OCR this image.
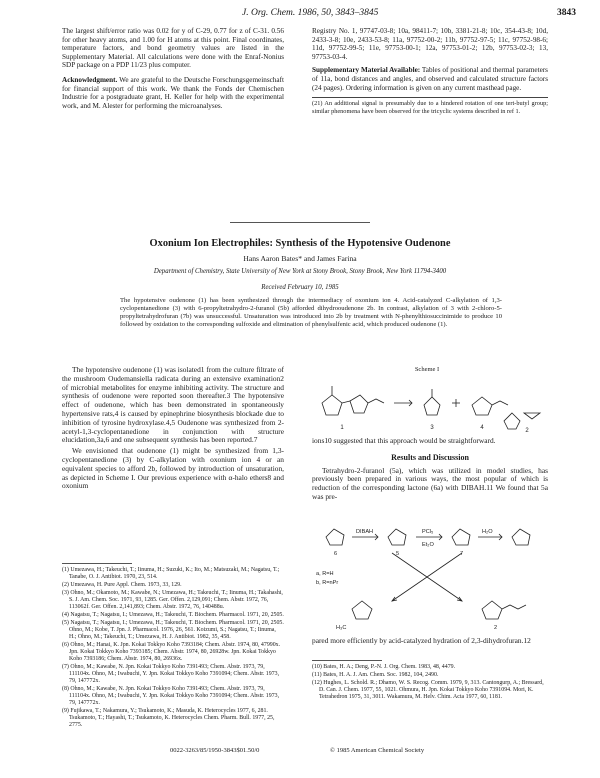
J. Org. Chem. 1986, 50, 3843–3845	3843

The largest shift/error ratio was 0.02 for y of C-29, 0.77 for z of C-31. 0.56 for other heavy atoms, and 1.00 for H atoms at this point. Final coordinates, temperature factors, and bond geometry values are listed in the Supplementary Material. All calculations were done with the Enraf-Nonius SDP package on a PDP 11/23 plus computer.

Acknowledgment. We are grateful to the Deutsche Forschungsgemeinschaft for financial support of this work. We thank the Fonds der Chemischen Industrie for a postgraduate grant, H. Keller for help with the experimental work, and M. Alester for performing the microanalyses.

Registry No. 1, 97747-03-8; 10a, 98411-7; 10b, 3381-21-8; 10c, 354-43-8; 10d, 2433-3-8; 10e, 2433-53-8; 11a, 97752-00-2; 11b, 97752-97-5; 11c, 97752-98-6; 11d, 97752-99-5; 11e, 97753-00-1; 12a, 97753-01-2; 12b, 97753-02-3; 13, 97753-03-4.

Supplementary Material Available: Tables of positional and thermal parameters of 11a, bond distances and angles, and observed and calculated structure factors (24 pages). Ordering information is given on any current masthead page.

(21) An additional signal is presumably due to a hindered rotation of one tert-butyl group; similar phenomena have been observed for the tricyclic systems described in ref 1.
Oxonium Ion Electrophiles: Synthesis of the Hypotensive Oudenone
Hans Aaron Bates* and James Farina
Department of Chemistry, State University of New York at Stony Brook, Stony Brook, New York 11794-3400
Received February 10, 1985
The hypotensive oudenone (1) has been synthesized through the intermediacy of oxonium ion 4. Acid-catalyzed C-alkylation of 1,3-cyclopentanedione (3) with 6-propyltetrahydro-2-furanol (5b) afforded dihydrooudenone 2b. In contrast, alkylation of 3 with 2-chloro-5-propyltetrahydrofuran (7b) was unsuccessful. Unsaturation was introduced into 2b by treatment with N-phenylthiosuccinimide to produce 10 followed by oxidation to the corresponding sulfoxide and elimination of phenylsulfenic acid, which produced oudenone (1).

The hypotensive oudenone (1) was isolated1 from the culture filtrate of the mushroom Oudemansiella radicata during an extensive examination2 of microbial metabolites for enzyme inhibiting activity. The structure and synthesis of oudenone were reported soon thereafter.3 The hypotensive effect of oudenone, which has been demonstrated in spontaneously hypertensive rats,4 is caused by epinephrine biosynthesis blockade due to inhibition of tyrosine hydroxylase.4,5 Oudenone was synthesized from 2-acetyl-1,3-cyclopentanedione in conjunction with structure elucidation,3a,6 and one subsequent synthesis has been reported.7

We envisioned that oudenone (1) might be synthesized from 1,3-cyclopentanedione (3) by C-alkylation with oxonium ion 4 or an equivalent species to afford 2b, followed by introduction of unsaturation, as depicted in Scheme I. Our previous experience with α-halo ethers8 and oxonium

(1) Umezawa, H.; Takeuchi, T.; Iinuma, H.; Suzuki, K.; Ito, M.; Matsuzaki, M.; Nagatsu, T.; Tanabe, O. J. Antibiot. 1970, 23, 514.

(2) Umezawa, H. Pure Appl. Chem. 1973, 33, 129.

(3) Ohno, M.; Okamoto, M.; Kawabe, N.; Umezawa, H.; Takeuchi, T.; Iinuma, H.; Takahashi, S. J. Am. Chem. Soc. 1971, 93, 1285. Ger. Offen. 2,129,091; Chem. Abstr. 1972, 76, 113062f. Ger. Offen. 2,141,893; Chem. Abstr. 1972, 76, 140488u.

(4) Nagatsu, T.; Nagatsu, I.; Umezawa, H.; Takeuchi, T. Biochem. Pharmacol. 1971, 20, 2505.

(5) Nagatsu, T.; Nagatsu, I.; Umezawa, H.; Takeuchi, T. Biochem. Pharmacol. 1971, 20, 2505. Ohno, M.; Kobe, T. Jpn. J. Pharmacol. 1976, 26, 561. Koizumi, S.; Nagatsu, T.; Iinuma, H.; Ohno, M.; Takeuchi, T.; Umezawa, H. J. Antibiot. 1982, 35, 458.

(6) Ohno, M.; Hanai, K. Jpn. Kokai Tokkyo Koho 7393184; Chem. Abstr. 1974, 80, 47990x. Jpn. Kokai Tokkyo Koho 7393185; Chem. Abstr. 1974, 80, 26928w. Jpn. Kokai Tokkyo Koho 7393186; Chem. Abstr. 1974, 80, 26936x.

(7) Ohno, M.; Kawabe, N. Jpn. Kokai Tokkyo Koho 7391493; Chem. Abstr. 1973, 79, 111104x. Ohno, M.; Iwabuchi, Y. Jpn. Kokai Tokkyo Koho 7391094; Chem. Abstr. 1973, 79, 147772x.

(8) Ohno, M.; Kawabe, N. Jpn. Kokai Tokkyo Koho 7391493; Chem. Abstr. 1973, 79, 111104x. Ohno, M.; Iwabuchi, Y. Jpn. Kokai Tokkyo Koho 7391094; Chem. Abstr. 1973, 79, 147772x.

(9) Fujikawa, T.; Nakamura, Y.; Tsukamoto, K.; Masuda, K. Heterocycles 1977, 6, 281. Tsukamoto, T.; Hayashi, T.; Tsukamoto, K. Heterocycles Chem. Pharm. Bull. 1977, 25, 2775.

Scheme I
1	3	4	2

ions10 suggested that this approach would be straightforward.

Results and Discussion

Tetrahydro-2-furanol (5a), which was utilized in model studies, has previously been prepared in various ways, the most popular of which is reduction of the corresponding lactone (6a) with DIBAH.11 We found that 5a was pre-

DIBAH	PCl₅
Et₂O
H₂O
6	5	7
a, R=H
b, R=nPr
H₃C	2
pared more efficiently by acid-catalyzed hydration of 2,3-dihydrofuran.12

(10) Bates, H. A.; Deng, P.-N. J. Org. Chem. 1983, 48, 4479.

(11) Bates, H. A. J. Am. Chem. Soc. 1982, 104, 2490.

(12) Hughes, L. Schold. R.; Dhamo, W. S. Recog. Comm. 1979, 9, 313. Cantongurp, A.; Bressard, D. Can. J. Chem. 1977, 55, 1021. Ohmura, H. Jpn. Kokai Tokkyo Koho 7391094. Mori, K. Tetrahedron 1975, 31, 3011. Wakamura, M. Helv. Chim. Acta 1977, 60, 1181.

0022-3263/85/1950-3843$01.50/0	© 1985 American Chemical Society
